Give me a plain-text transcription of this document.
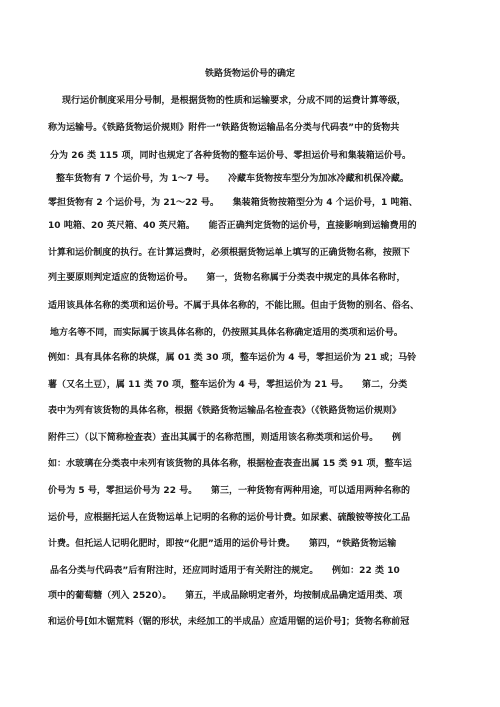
铁路货物运价号的确定
现行运价制度采用分号制，是根据货物的性质和运输要求，分成不同的运费计算等级，
称为运输号。《铁路货物运价规则》附件一“铁路货物运输品名分类与代码表”中的货物共
分为 26 类 115 项，同时也规定了各种货物的整车运价号、零担运价号和集装箱运价号。
整车货物有 7 个运价号，为 1～7 号。　　冷藏车货物按车型分为加冰冷藏和机保冷藏。
零担货物有 2 个运价号，为 21～22 号。　　集装箱货物按箱型分为 4 个运价号，1 吨箱、
10 吨箱、20 英尺箱、40 英尺箱。　　能否正确判定货物的运价号，直接影响到运输费用的
计算和运价制度的执行。在计算运费时，必须根据货物运单上填写的正确货物名称，按照下
列主要原则判定适应的货物运价号。　　第一，货物名称属于分类表中规定的具体名称时，
适用该具体名称的类项和运价号。不属于具体名称的，不能比照。但由于货物的别名、俗名、
地方名等不同，而实际属于该具体名称的，仍按照其具体名称确定适用的类项和运价号。
例如：具有具体名称的块煤，属 01 类 30 项，整车运价为 4 号，零担运价为 21 或；马铃
薯（又名土豆），属 11 类 70 项，整车运价为 4 号，零担运价为 21 号。　　第二，分类
表中为列有该货物的具体名称，根据《铁路货物运输品名检查表》（《铁路货物运价规则》
附件三）（以下简称检查表）查出其属于的名称范围，则适用该名称类项和运价号。　　例
如：水玻璃在分类表中未列有该货物的具体名称，根据检查表查出属 15 类 91 项，整车运
价号为 5 号，零担运价号为 22 号。　　第三，一种货物有两种用途，可以适用两种名称的
运价号，应根据托运人在货物运单上记明的名称的运价号计费。如尿素、硫酸铵等按化工品
计费。但托运人记明化肥时，即按“化肥”适用的运价号计费。　　第四，“铁路货物运输
品名分类与代码表”后有附注时，还应同时适用于有关附注的规定。　　例如：22 类 10
项中的葡萄糖（列入 2520）。　　第五，半成品除明定者外，均按制成品确定适用类、项
和运价号[如木锯荒料（锯的形状，未经加工的半成品）应适用锯的运价号]；货物名称前冠
